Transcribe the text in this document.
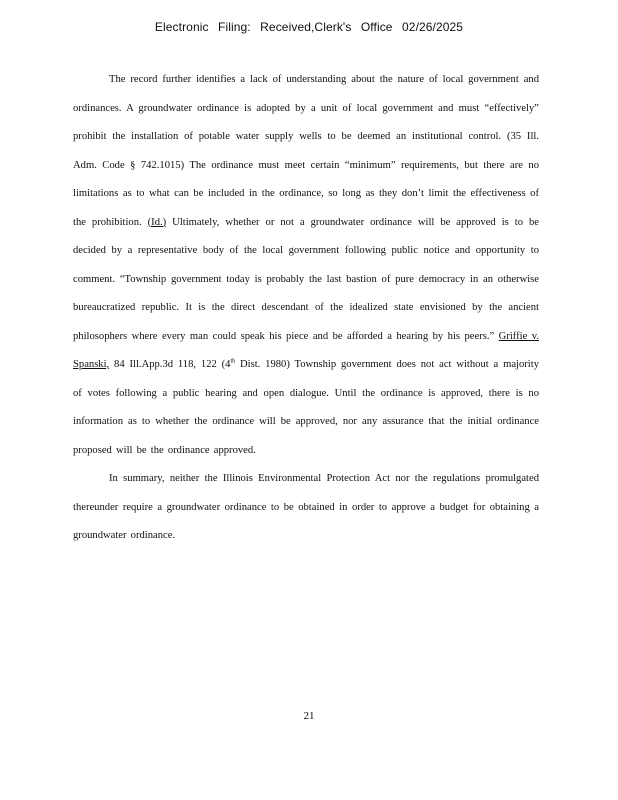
Electronic Filing: Received,Clerk's Office 02/26/2025

The record further identifies a lack of understanding about the nature of local government and ordinances. A groundwater ordinance is adopted by a unit of local government and must “effectively” prohibit the installation of potable water supply wells to be deemed an institutional control. (35 Ill. Adm. Code § 742.1015) The ordinance must meet certain “minimum” requirements, but there are no limitations as to what can be included in the ordinance, so long as they don’t limit the effectiveness of the prohibition. (Id.) Ultimately, whether or not a groundwater ordinance will be approved is to be decided by a representative body of the local government following public notice and opportunity to comment. “Township government today is probably the last bastion of pure democracy in an otherwise bureaucratized republic. It is the direct descendant of the idealized state envisioned by the ancient philosophers where every man could speak his piece and be afforded a hearing by his peers.” Griffie v. Spanski, 84 Ill.App.3d 118, 122 (4th Dist. 1980) Township government does not act without a majority of votes following a public hearing and open dialogue. Until the ordinance is approved, there is no information as to whether the ordinance will be approved, nor any assurance that the initial ordinance proposed will be the ordinance approved.

In summary, neither the Illinois Environmental Protection Act nor the regulations promulgated thereunder require a groundwater ordinance to be obtained in order to approve a budget for obtaining a groundwater ordinance.

21
